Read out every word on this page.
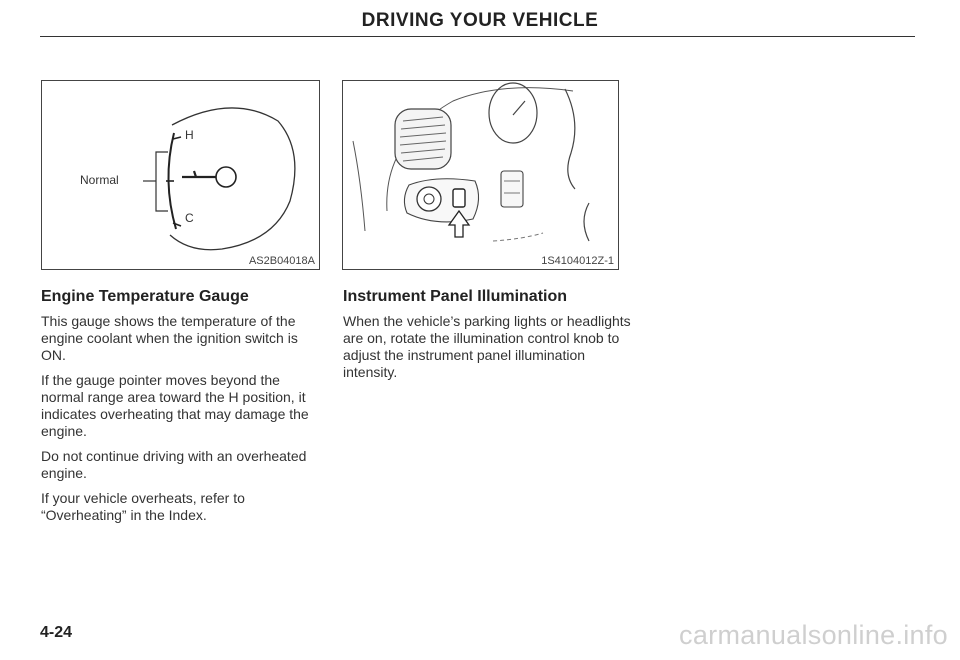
DRIVING YOUR VEHICLE
Normal
H
C
AS2B04018A	1S4104012Z-1
Engine Temperature Gauge

This gauge shows the temperature of the engine coolant when the ignition switch is ON.

If the gauge pointer moves beyond the normal range area toward the H position, it indicates overheating that may damage the engine.

Do not continue driving with an overheated engine.

If your vehicle overheats, refer to “Overheating” in the Index.

Instrument Panel Illumination

When the vehicle’s parking lights or headlights are on, rotate the illumination control knob to adjust the instrument panel illumination intensity.

4-24	carmanualsonline.info
